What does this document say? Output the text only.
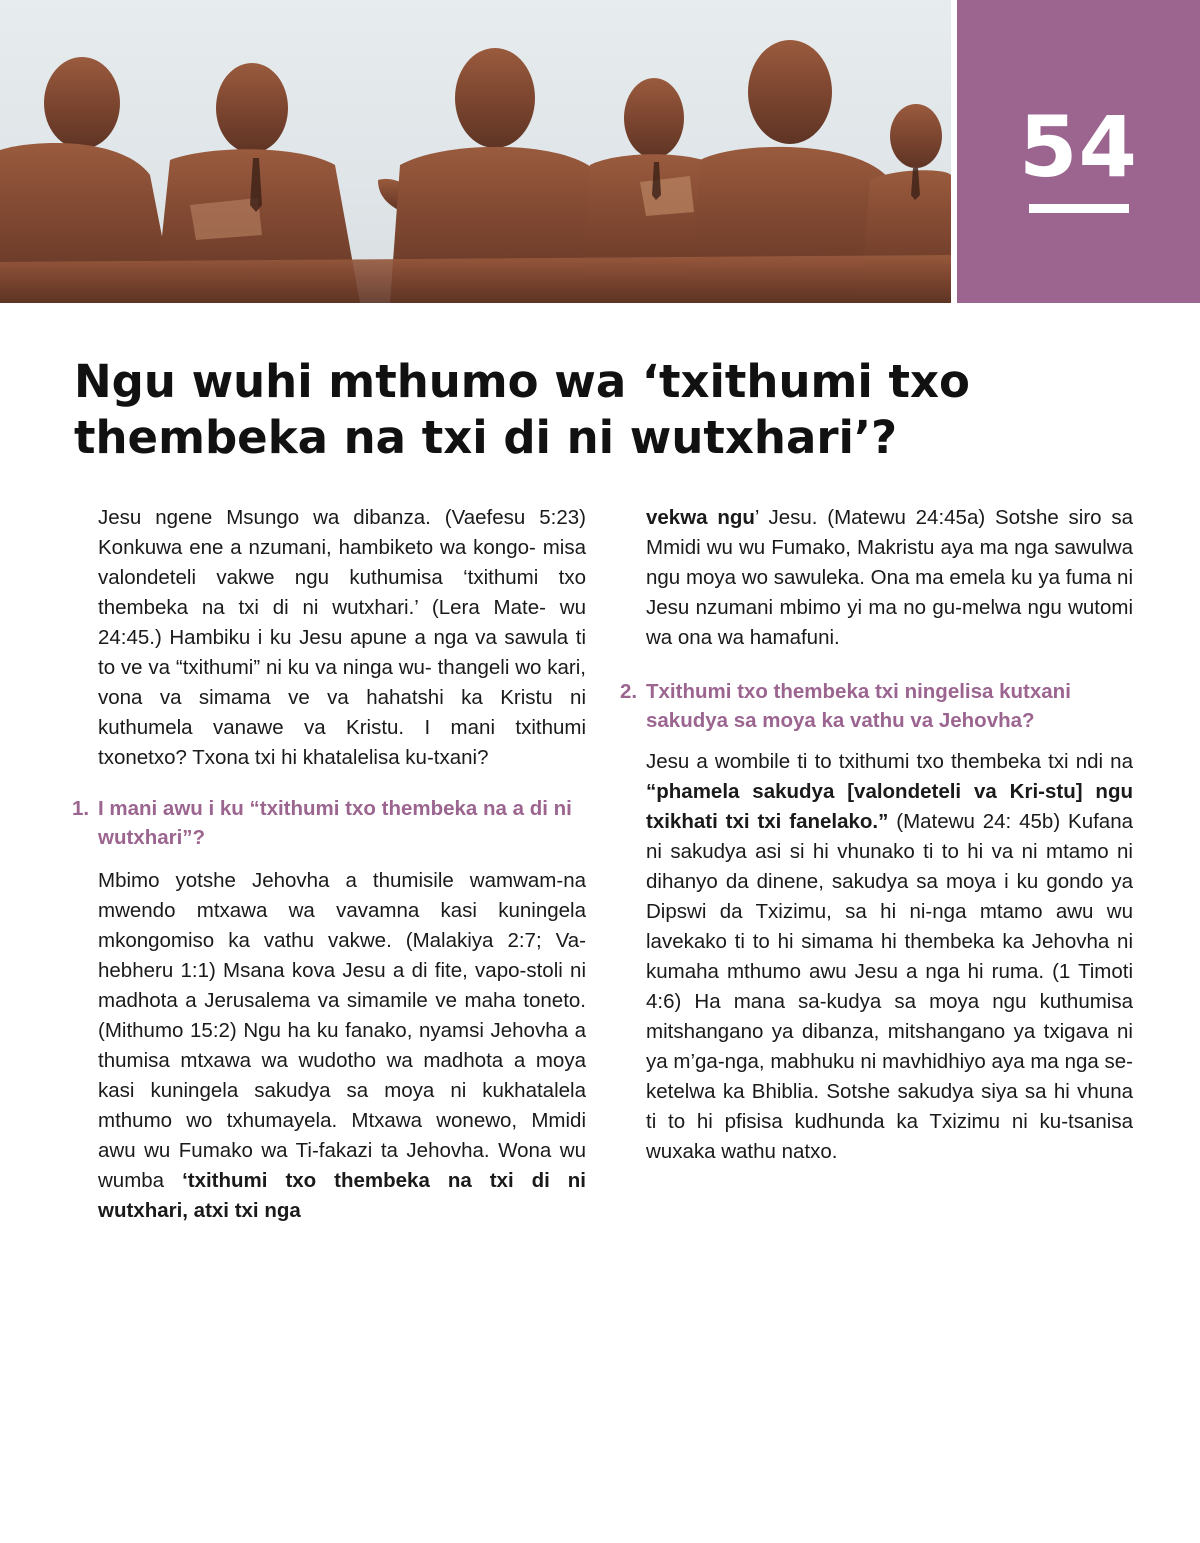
54
Ngu wuhi mthumo wa ‘txithumi txo thembeka na txi di ni wutxhari’?

Jesu ngene Msungo wa dibanza. (Vaefesu 5:23) Konkuwa ene a nzumani, hambiketo wa kongo- misa valondeteli vakwe ngu kuthumisa ‘txithumi txo thembeka na txi di ni wutxhari.’ (Lera Mate- wu 24:45.) Hambiku i ku Jesu apune a nga va sawula ti to ve va “txithumi” ni ku va ninga wu- thangeli wo kari, vona va simama ve va hahatshi ka Kristu ni kuthumela vanawe va Kristu. I mani txithumi txonetxo? Txona txi hi khatalelisa ku-txani?

1. I mani awu i ku “txithumi txo thembeka na a di ni wutxhari”?

Mbimo yotshe Jehovha a thumisile wamwam-na mwendo mtxawa wa vavamna kasi kuningela mkongomiso ka vathu vakwe. (Malakiya 2:7; Va-hebheru 1:1) Msana kova Jesu a di fite, vapo-stoli ni madhota a Jerusalema va simamile ve maha toneto. (Mithumo 15:2) Ngu ha ku fanako, nyamsi Jehovha a thumisa mtxawa wa wudotho wa madhota a moya kasi kuningela sakudya sa moya ni kukhatalela mthumo wo txhumayela. Mtxawa wonewo, Mmidi awu wu Fumako wa Ti-fakazi ta Jehovha. Wona wu wumba ‘txithumi txo thembeka na txi di ni wutxhari, atxi txi nga

vekwa ngu’ Jesu. (Matewu 24:45a) Sotshe siro sa Mmidi wu wu Fumako, Makristu aya ma nga sawulwa ngu moya wo sawuleka. Ona ma emela ku ya fuma ni Jesu nzumani mbimo yi ma no gu-melwa ngu wutomi wa ona wa hamafuni.

2. Txithumi txo thembeka txi ningelisa kutxani sakudya sa moya ka vathu va Jehovha?

Jesu a wombile ti to txithumi txo thembeka txi ndi na “phamela sakudya [valondeteli va Kri-stu] ngu txikhati txi txi fanelako.” (Matewu 24: 45b) Kufana ni sakudya asi si hi vhunako ti to hi va ni mtamo ni dihanyo da dinene, sakudya sa moya i ku gondo ya Dipswi da Txizimu, sa hi ni-nga mtamo awu wu lavekako ti to hi simama hi thembeka ka Jehovha ni kumaha mthumo awu Jesu a nga hi ruma. (1 Timoti 4:6) Ha mana sa-kudya sa moya ngu kuthumisa mitshangano ya dibanza, mitshangano ya txigava ni ya m’ga-nga, mabhuku ni mavhidhiyo aya ma nga se-ketelwa ka Bhiblia. Sotshe sakudya siya sa hi vhuna ti to hi pfisisa kudhunda ka Txizimu ni ku-tsanisa wuxaka wathu natxo.
